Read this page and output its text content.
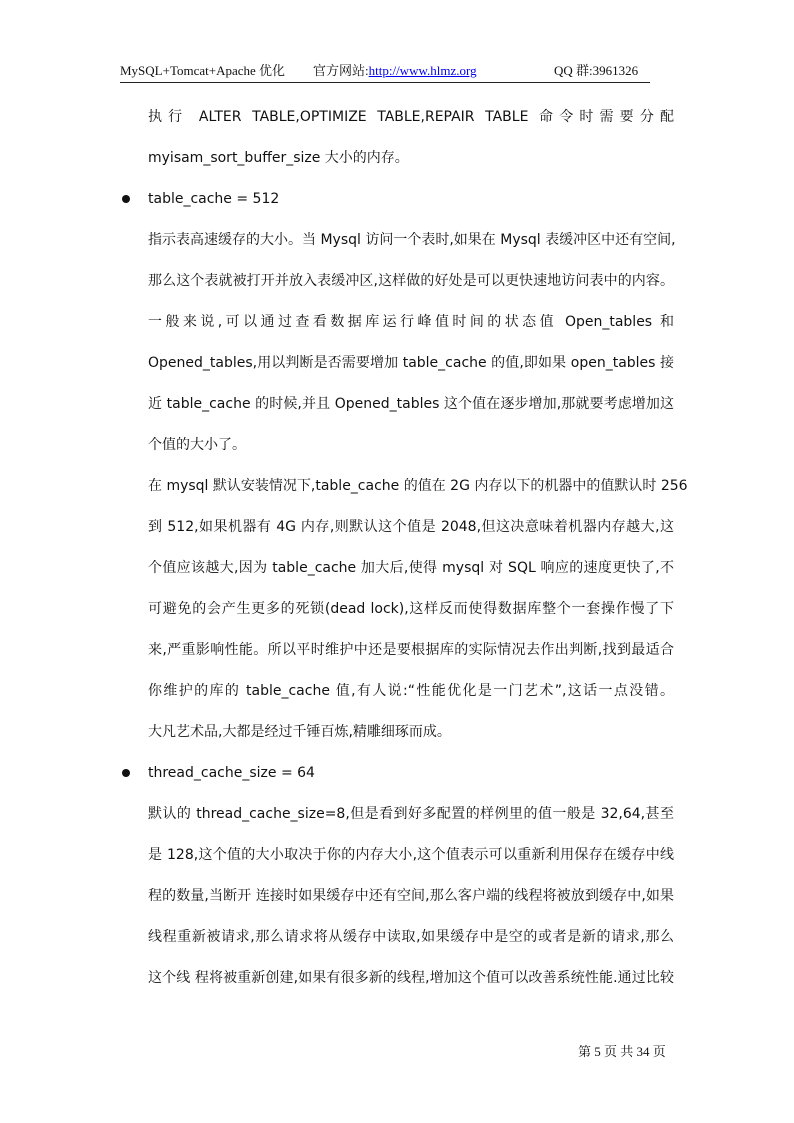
MySQL+Tomcat+Apache 优化 官方网站:http://www.hlmz.org	QQ 群:3961326
执行 ALTER TABLE,OPTIMIZE TABLE,REPAIR TABLE 命令时需要分配
myisam_sort_buffer_size 大小的内存。
table_cache = 512
指示表高速缓存的大小。当 Mysql 访问一个表时,如果在 Mysql 表缓冲区中还有空间,
那么这个表就被打开并放入表缓冲区,这样做的好处是可以更快速地访问表中的内容。
一般来说,可以通过查看数据库运行峰值时间的状态值 Open_tables 和
Opened_tables,用以判断是否需要增加 table_cache 的值,即如果 open_tables 接
近 table_cache 的时候,并且 Opened_tables 这个值在逐步增加,那就要考虑增加这
个值的大小了。
在 mysql 默认安装情况下,table_cache 的值在 2G 内存以下的机器中的值默认时 256
到 512,如果机器有 4G 内存,则默认这个值是 2048,但这决意味着机器内存越大,这
个值应该越大,因为 table_cache 加大后,使得 mysql 对 SQL 响应的速度更快了,不
可避免的会产生更多的死锁(dead lock),这样反而使得数据库整个一套操作慢了下
来,严重影响性能。所以平时维护中还是要根据库的实际情况去作出判断,找到最适合
你维护的库的 table_cache 值,有人说:“性能优化是一门艺术”,这话一点没错。
大凡艺术品,大都是经过千锤百炼,精雕细琢而成。
thread_cache_size = 64
默认的 thread_cache_size=8,但是看到好多配置的样例里的值一般是 32,64,甚至
是 128,这个值的大小取决于你的内存大小,这个值表示可以重新利用保存在缓存中线
程的数量,当断开 连接时如果缓存中还有空间,那么客户端的线程将被放到缓存中,如果
线程重新被请求,那么请求将从缓存中读取,如果缓存中是空的或者是新的请求,那么
这个线 程将被重新创建,如果有很多新的线程,增加这个值可以改善系统性能.通过比较
第 5 页 共 34 页
